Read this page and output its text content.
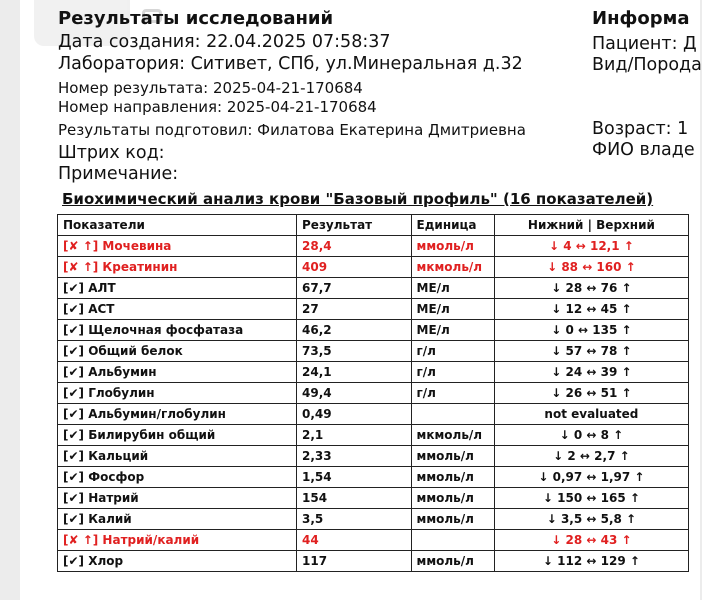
Результаты исследований
Дата создания: 22.04.2025 07:58:37
Лаборатория: Ситивет, СПб, ул.Минеральная д.32
Номер результата: 2025-04-21-170684
Номер направления: 2025-04-21-170684
Результаты подготовил: Филатова Екатерина Дмитриевна
Штрих код:
Примечание:
Информа
Пациент: Д
Вид/Порода
Возраст: 1
ФИО владе
Биохимический анализ крови "Базовый профиль" (16 показателей)
Показатели	Результат	Единица	Нижний | Верхний
[✘ ↑] Мочевина	28,4	ммоль/л	↓ 4 ↔ 12,1 ↑
[✘ ↑] Креатинин	409	мкмоль/л	↓ 88 ↔ 160 ↑
[✔] АЛТ	67,7	МЕ/л	↓ 28 ↔ 76 ↑
[✔] АСТ	27	МЕ/л	↓ 12 ↔ 45 ↑
[✔] Щелочная фосфатаза	46,2	МЕ/л	↓ 0 ↔ 135 ↑
[✔] Общий белок	73,5	г/л	↓ 57 ↔ 78 ↑
[✔] Альбумин	24,1	г/л	↓ 24 ↔ 39 ↑
[✔] Глобулин	49,4	г/л	↓ 26 ↔ 51 ↑
[✔] Альбумин/глобулин	0,49		not evaluated
[✔] Билирубин общий	2,1	мкмоль/л	↓ 0 ↔ 8 ↑
[✔] Кальций	2,33	ммоль/л	↓ 2 ↔ 2,7 ↑
[✔] Фосфор	1,54	ммоль/л	↓ 0,97 ↔ 1,97 ↑
[✔] Натрий	154	ммоль/л	↓ 150 ↔ 165 ↑
[✔] Калий	3,5	ммоль/л	↓ 3,5 ↔ 5,8 ↑
[✘ ↑] Натрий/калий	44		↓ 28 ↔ 43 ↑
[✔] Хлор	117	ммоль/л	↓ 112 ↔ 129 ↑
